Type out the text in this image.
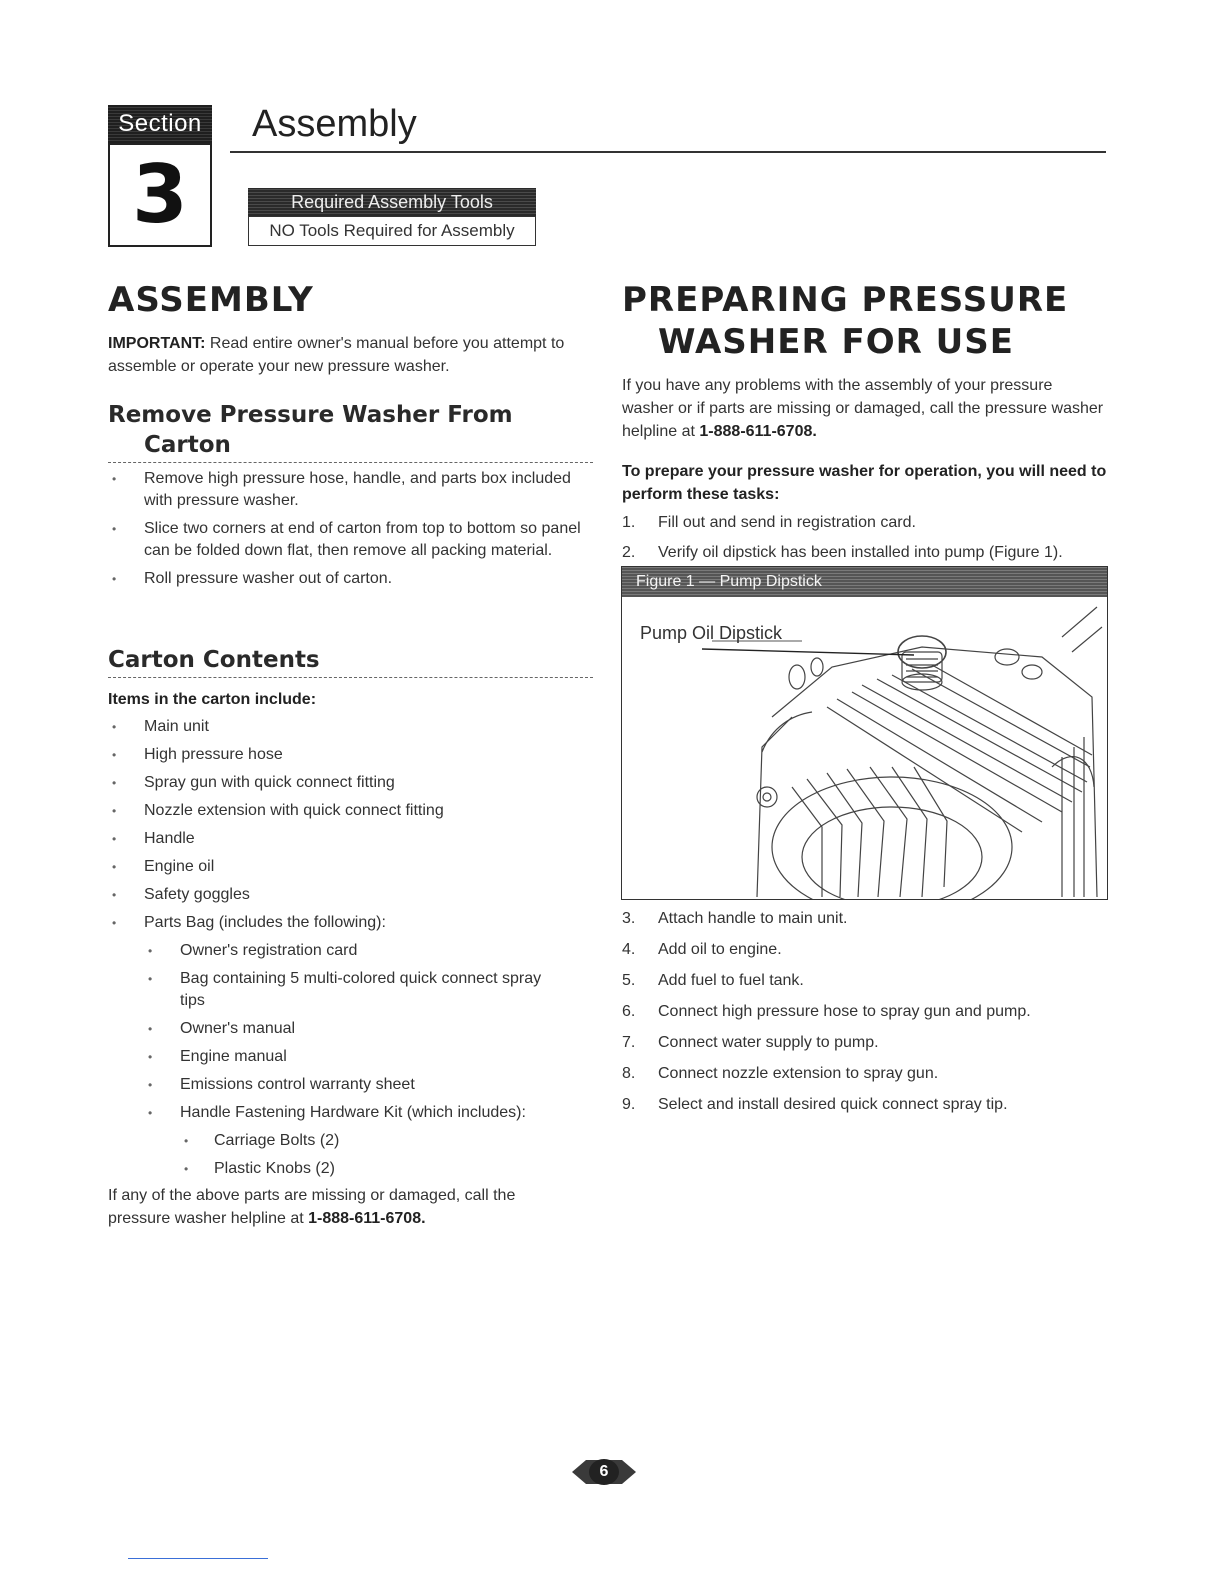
Section
3
Assembly
Required Assembly Tools
NO Tools Required for Assembly
ASSEMBLY
IMPORTANT: Read entire owner's manual before you attempt to assemble or operate your new pressure washer.
Remove Pressure Washer From
Carton
• Remove high pressure hose, handle, and parts box included with pressure washer.
• Slice two corners at end of carton from top to bottom so panel can be folded down flat, then remove all packing material.
• Roll pressure washer out of carton.
Carton Contents
Items in the carton include:
• Main unit
• High pressure hose
• Spray gun with quick connect fitting
• Nozzle extension with quick connect fitting
• Handle
• Engine oil
• Safety goggles
• Parts Bag (includes the following):
• Owner's registration card
• Bag containing 5 multi-colored quick connect spray tips
• Owner's manual
• Engine manual
• Emissions control warranty sheet
• Handle Fastening Hardware Kit (which includes):
• Carriage Bolts (2)
• Plastic Knobs (2)
If any of the above parts are missing or damaged, call the pressure washer helpline at 1-888-611-6708.
PREPARING PRESSURE
WASHER FOR USE
If you have any problems with the assembly of your pressure washer or if parts are missing or damaged, call the pressure washer helpline at 1-888-611-6708.
To prepare your pressure washer for operation, you will need to perform these tasks:
1. Fill out and send in registration card.
2. Verify oil dipstick has been installed into pump (Figure 1).
Figure 1 — Pump Dipstick
Pump Oil Dipstick
3. Attach handle to main unit.
4. Add oil to engine.
5. Add fuel to fuel tank.
6. Connect high pressure hose to spray gun and pump.
7. Connect water supply to pump.
8. Connect nozzle extension to spray gun.
9. Select and install desired quick connect spray tip.
6
